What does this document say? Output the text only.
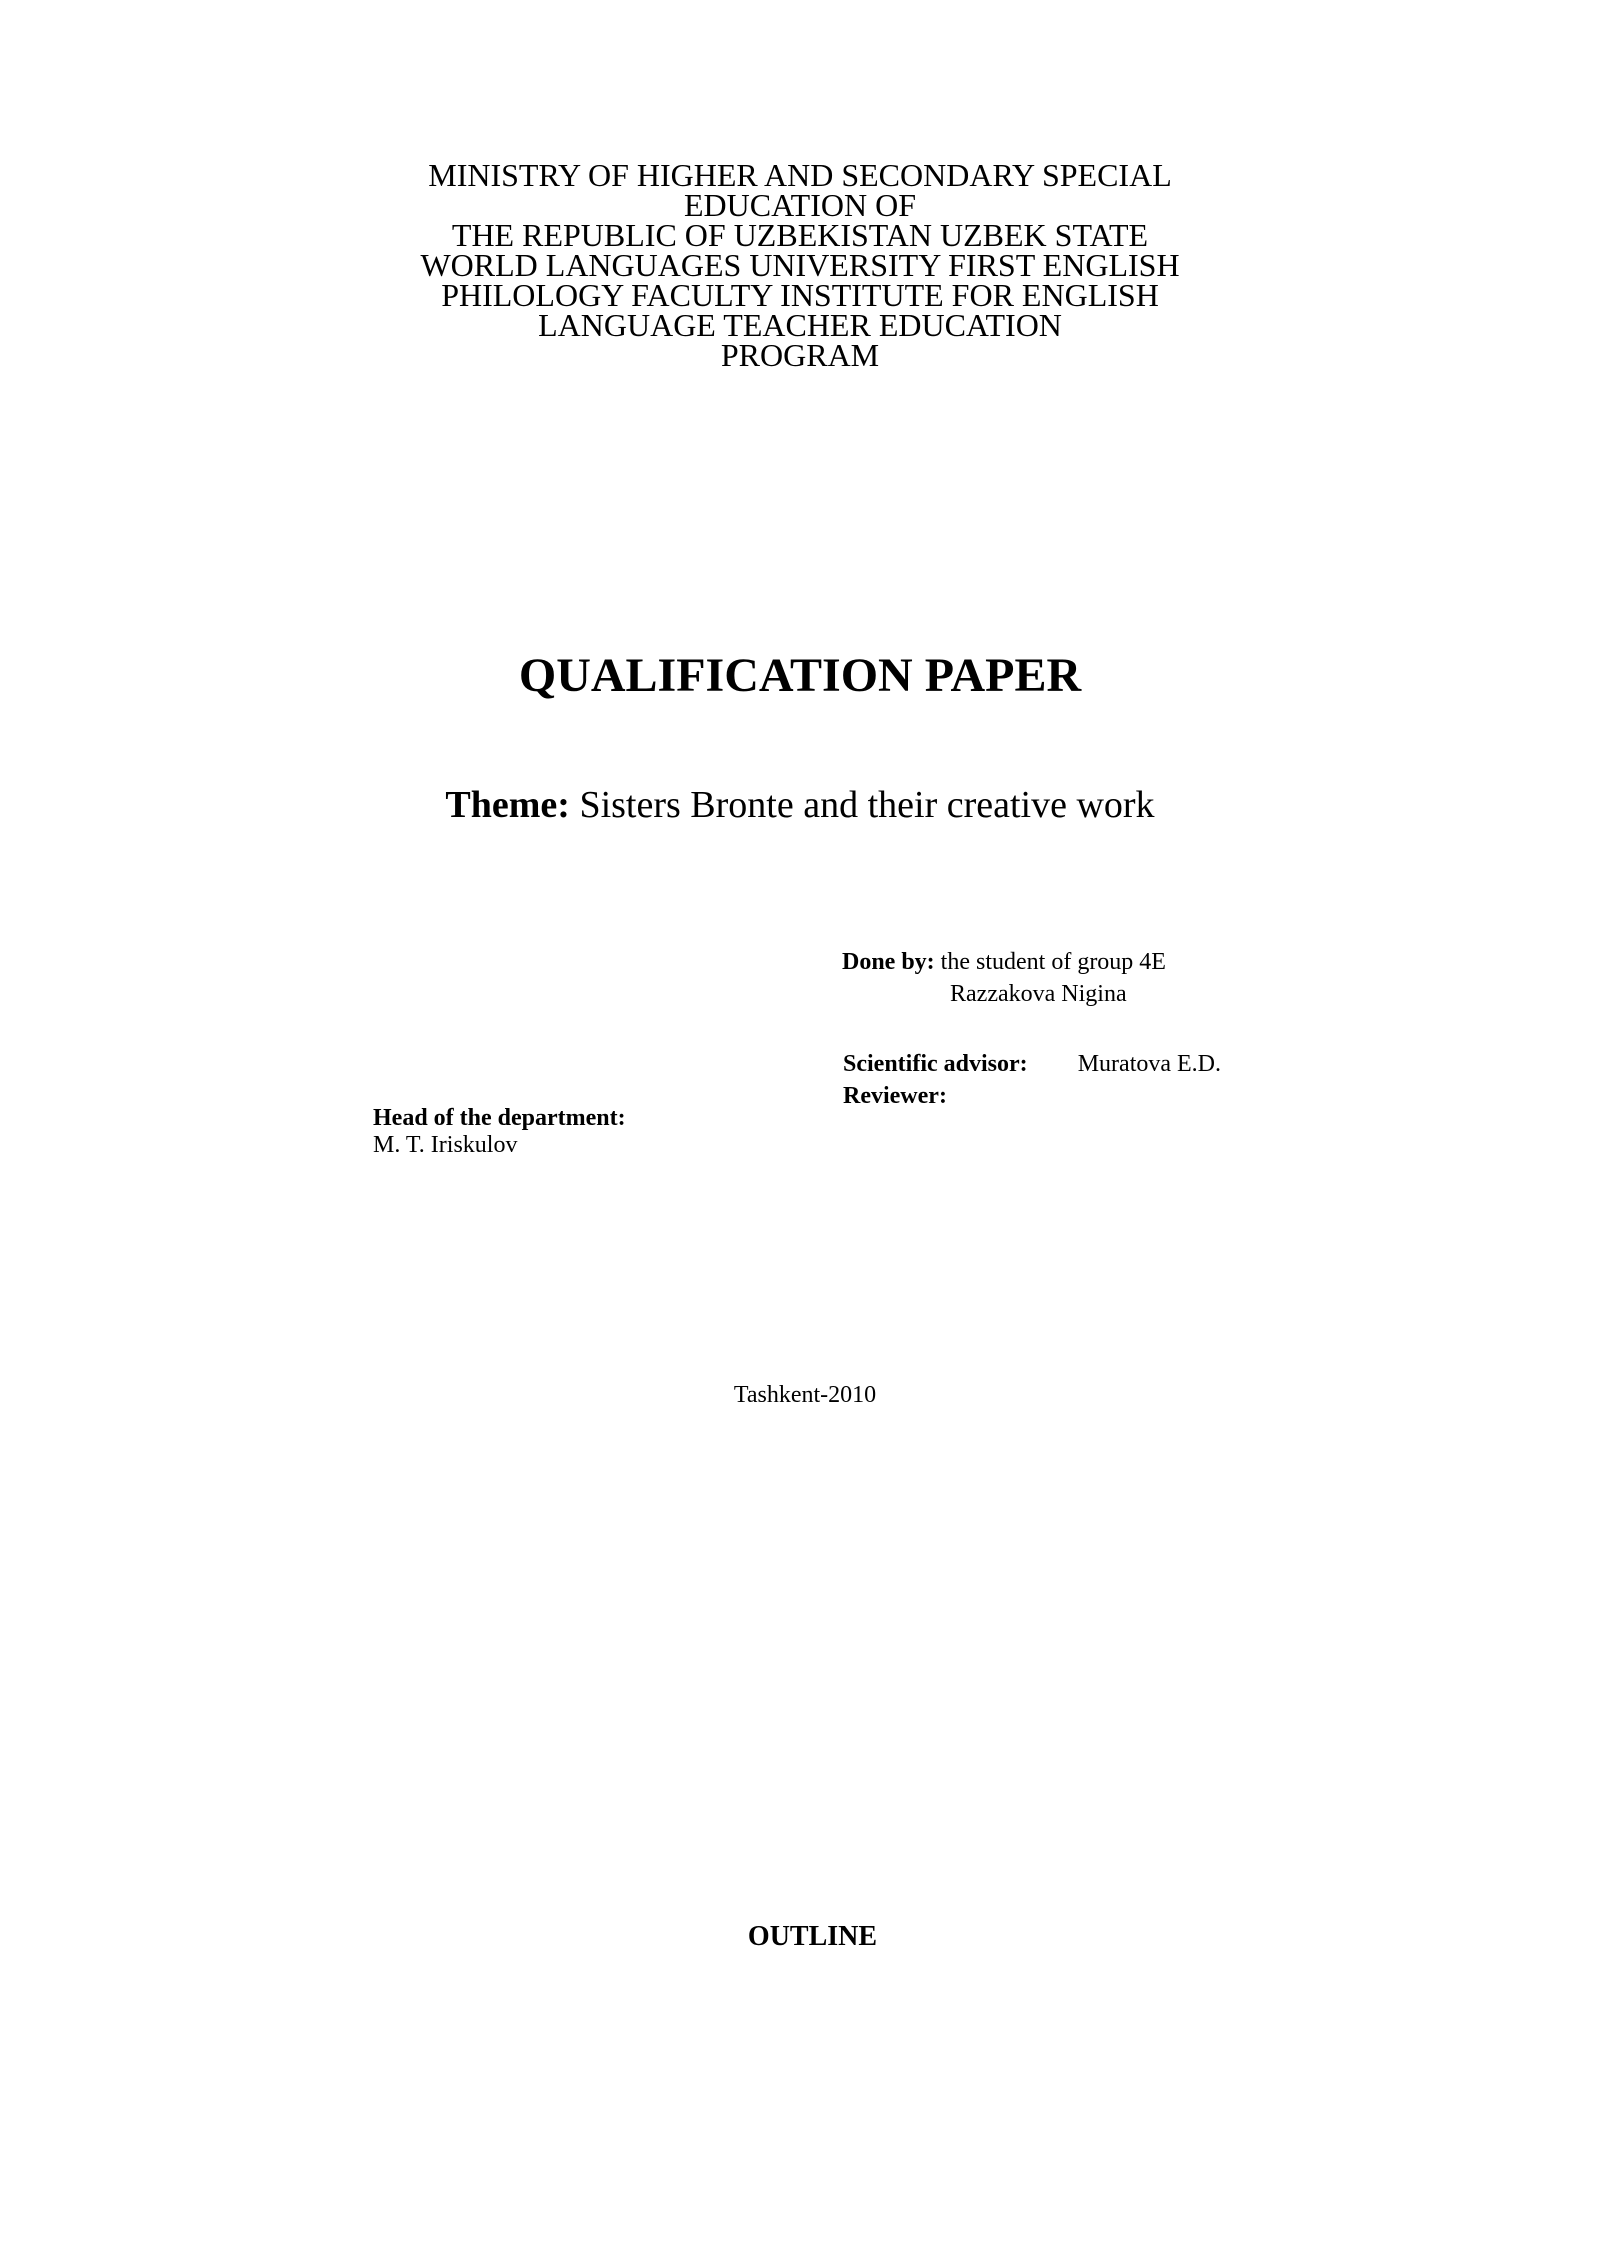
MINISTRY OF HIGHER AND SECONDARY SPECIAL
EDUCATION OF
THE REPUBLIC OF UZBEKISTAN UZBEK STATE
WORLD LANGUAGES UNIVERSITY FIRST ENGLISH
PHILOLOGY FACULTY INSTITUTE FOR ENGLISH
LANGUAGE TEACHER EDUCATION
PROGRAM
QUALIFICATION PAPER
Theme: Sisters Bronte and their creative work
Done by: the student of group 4E
Razzakova Nigina
Scientific advisor: Muratova E.D.
Reviewer:
Head of the department:
M. T. Iriskulov
Tashkent-2010
OUTLINE
